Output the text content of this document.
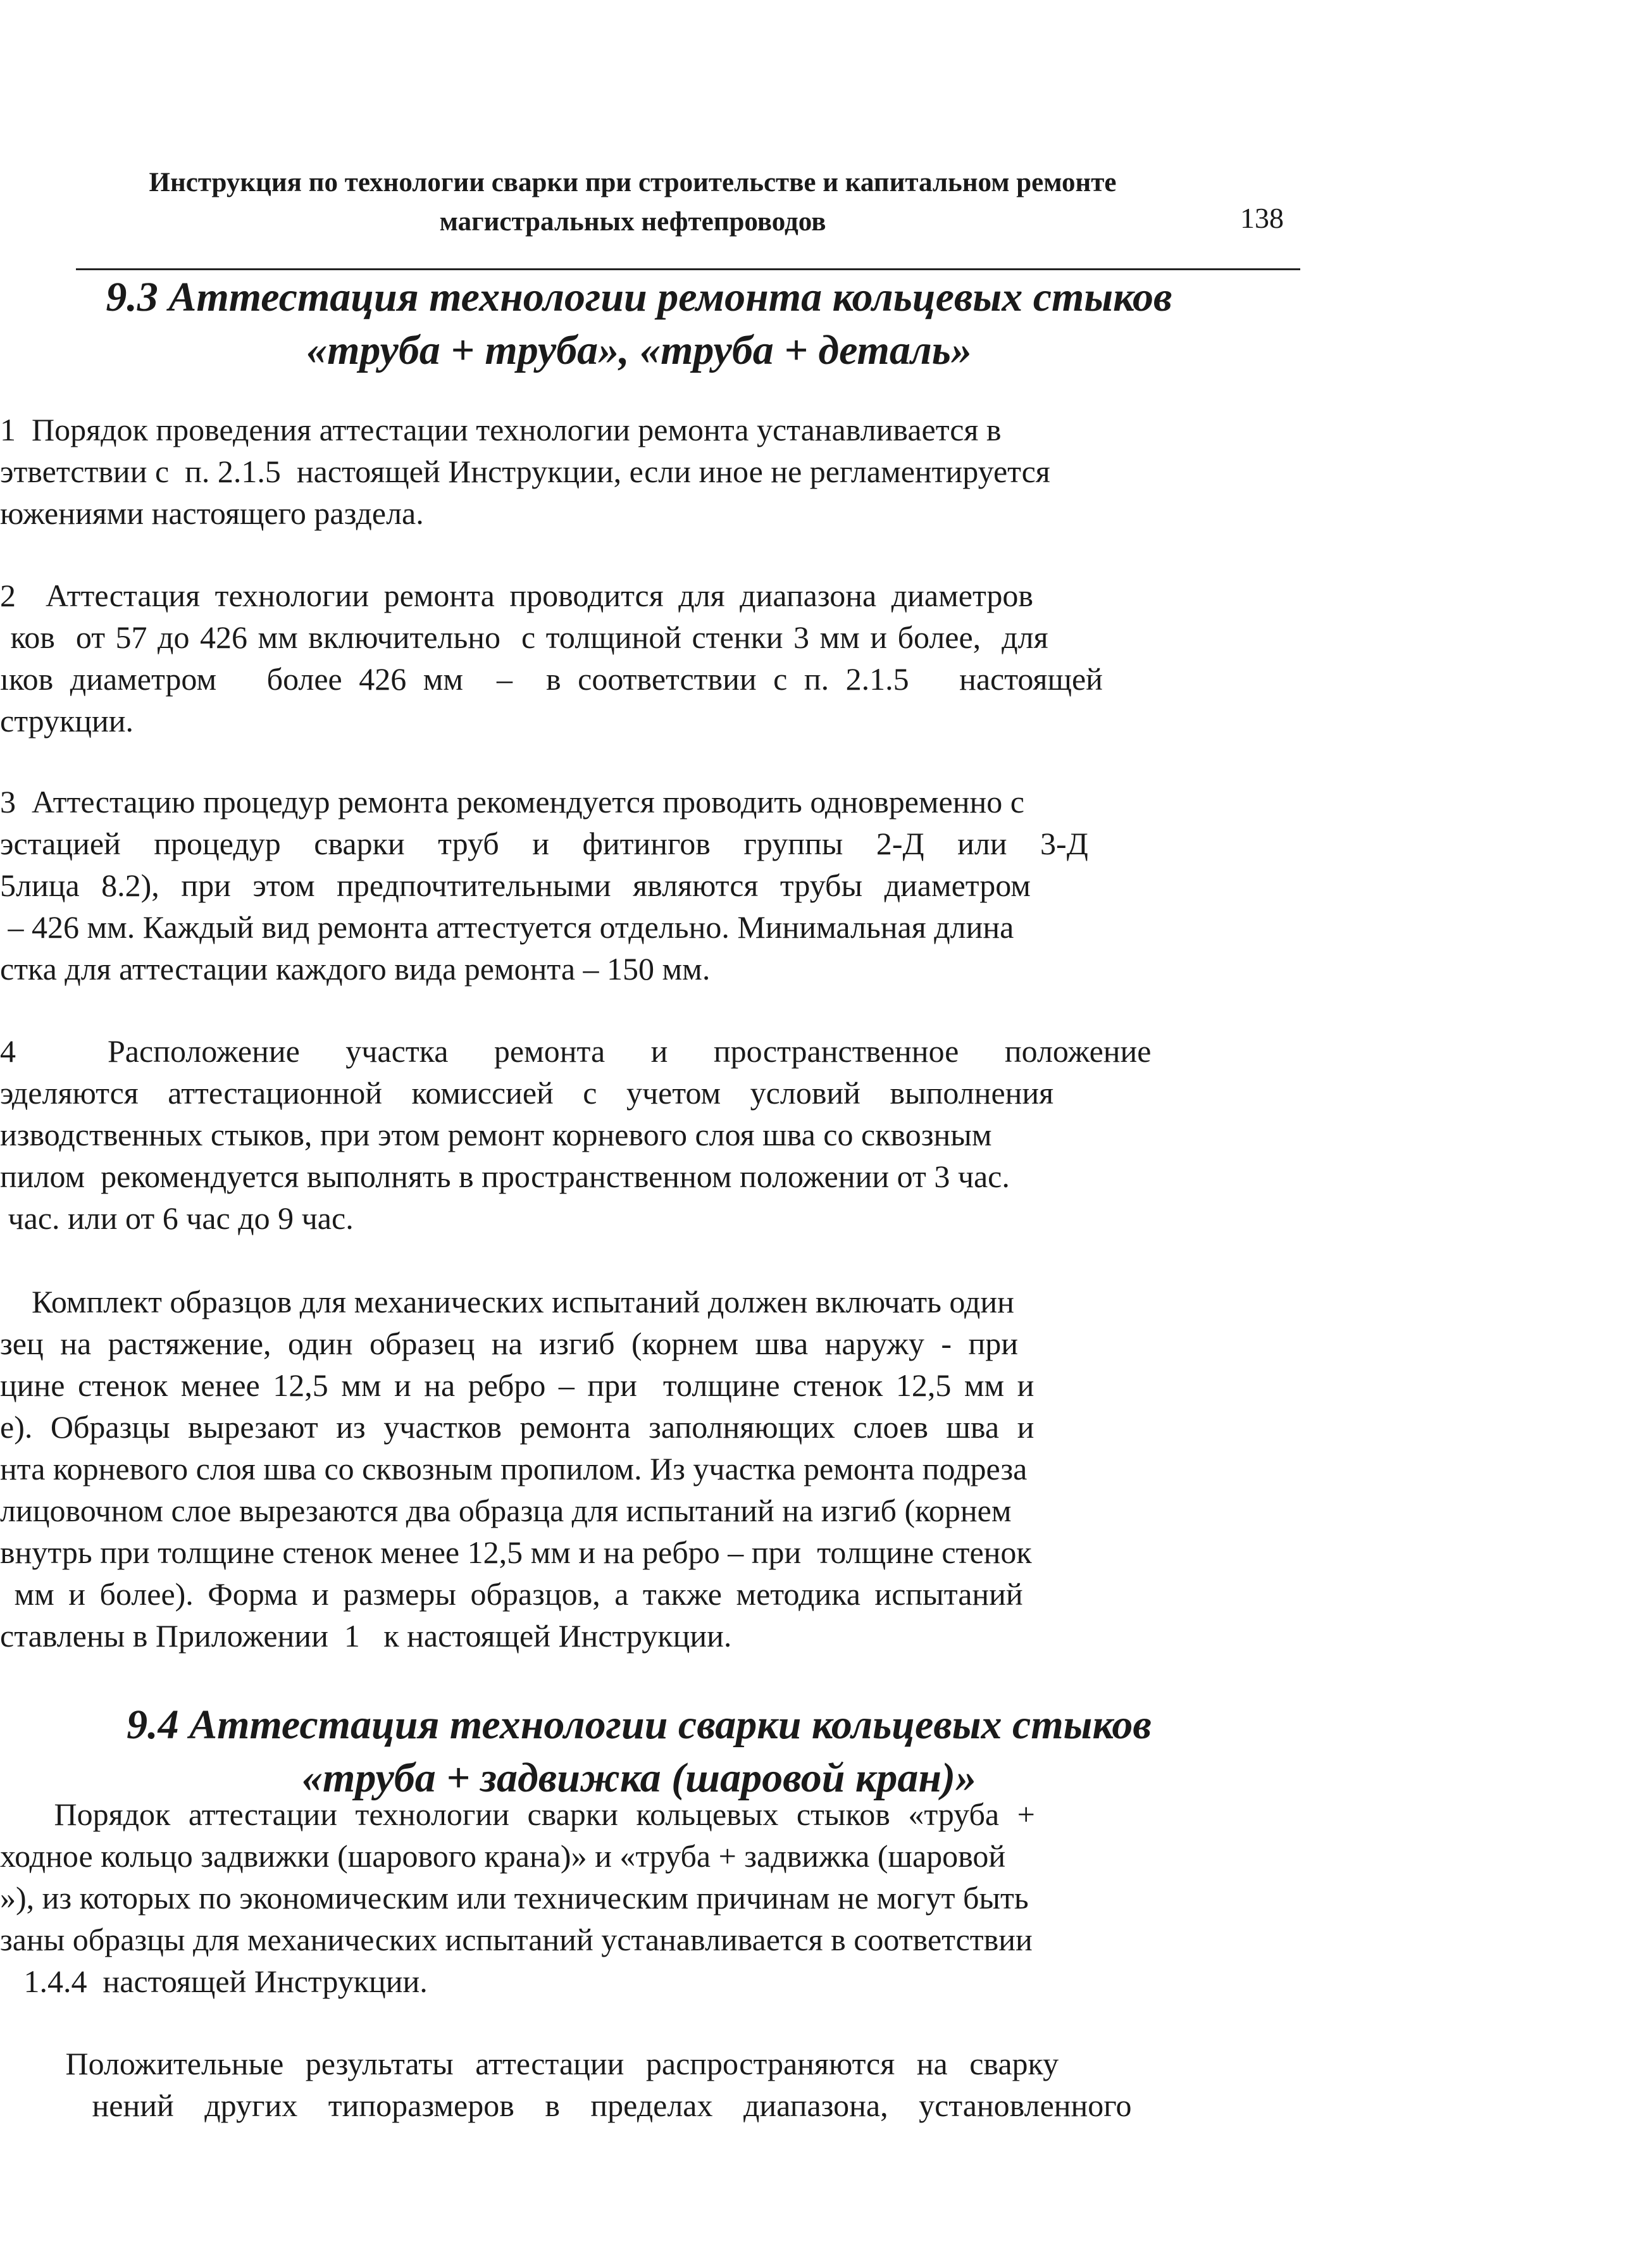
Инструкция по технологии сварки при строительстве и капитальном ремонте
магистральных нефтепроводов	138
9.3 Аттестация технологии ремонта кольцевых стыков
«труба + труба», «труба + деталь»
1  Порядок проведения аттестации технологии ремонта устанавливается в
этветствии с  п. 2.1.5  настоящей Инструкции, если иное не регламентируется
южениями настоящего раздела.
2  Аттестация технологии ремонта проводится для диапазона диаметров
ков  от 57 до 426 мм включительно  с толщиной стенки 3 мм и более,  для
ıков диаметром   более 426 мм  –  в соответствии с п. 2.1.5   настоящей
струкции.
3  Аттестацию процедур ремонта рекомендуется проводить одновременно с
эстацией процедур сварки труб и фитингов группы 2-Д или 3-Д
5лица 8.2), при этом предпочтительными являются трубы диаметром
– 426 мм. Каждый вид ремонта аттестуется отдельно. Минимальная длина
стка для аттестации каждого вида ремонта – 150 мм.
4  Расположение участка ремонта и пространственное положение
эделяются аттестационной комиссией с учетом условий выполнения
изводственных стыков, при этом ремонт корневого слоя шва со сквозным
пилом  рекомендуется выполнять в пространственном положении от 3 час.
час. или от 6 час до 9 час.
Комплект образцов для механических испытаний должен включать один
зец на растяжение, один образец на изгиб (корнем шва наружу - при
цине стенок менее 12,5 мм и на ребро – при  толщине стенок 12,5 мм и
е). Образцы вырезают из участков ремонта заполняющих слоев шва и
нта корневого слоя шва со сквозным пропилом. Из участка ремонта подреза
лицовочном слое вырезаются два образца для испытаний на изгиб (корнем
внутрь при толщине стенок менее 12,5 мм и на ребро – при  толщине стенок
мм и более). Форма и размеры образцов, а также методика испытаний
ставлены в Приложении  1   к настоящей Инструкции.
9.4 Аттестация технологии сварки кольцевых стыков
«труба + задвижка (шаровой кран)»
Порядок аттестации технологии сварки кольцевых стыков «труба +
ходное кольцо задвижки (шарового крана)» и «труба + задвижка (шаровой
»), из которых по экономическим или техническим причинам не могут быть
заны образцы для механических испытаний устанавливается в соответствии
1.4.4  настоящей Инструкции.
Положительные результаты аттестации распространяются на сварку
нений других типоразмеров в пределах диапазона, установленного
